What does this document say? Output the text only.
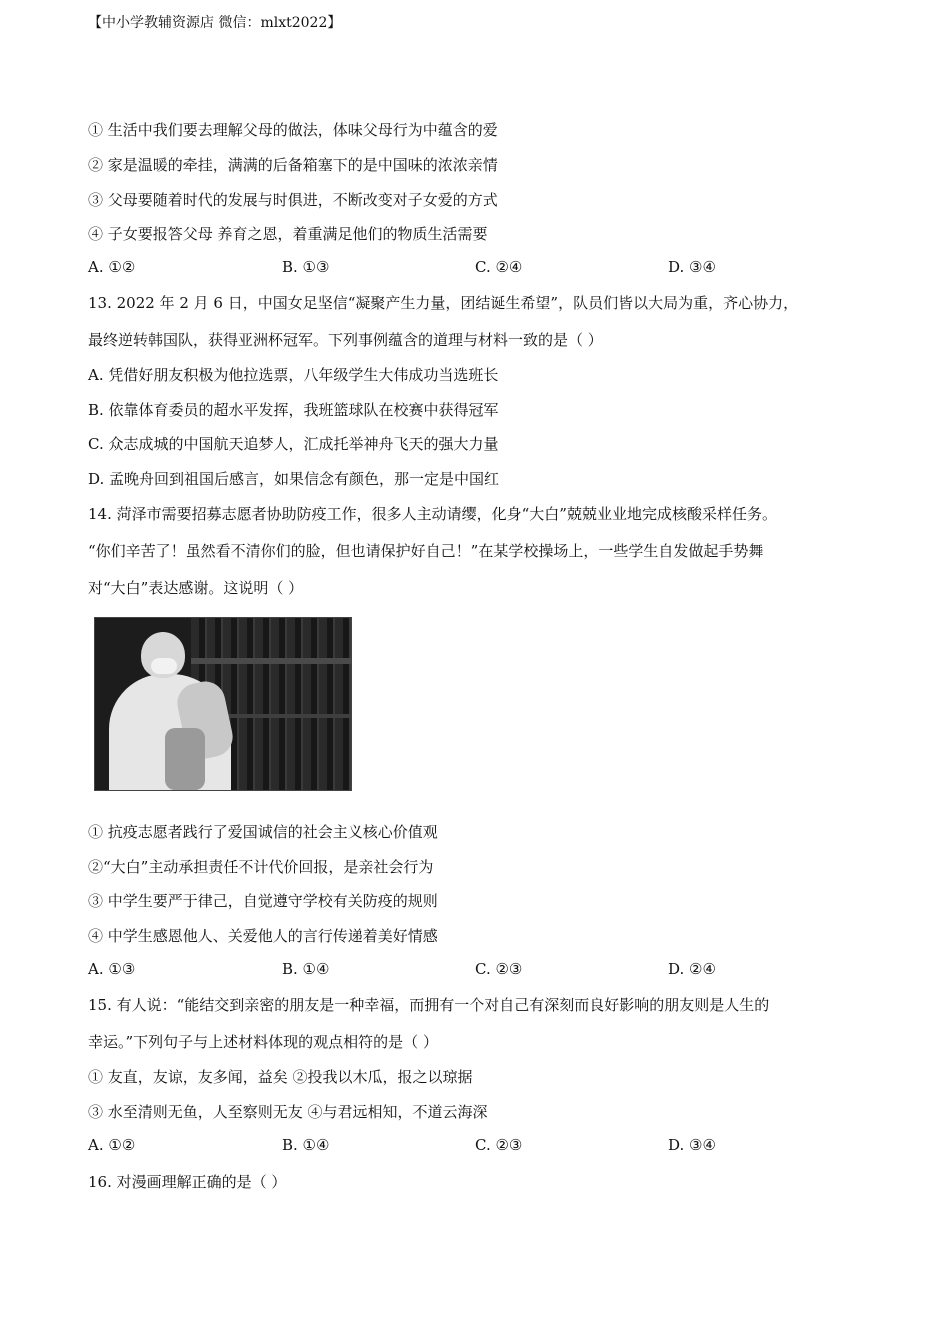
【中小学教辅资源店 微信：mlxt2022】
① 生活中我们要去理解父母的做法，体味父母行为中蕴含的爱
② 家是温暖的牵挂，满满的后备箱塞下的是中国味的浓浓亲情
③ 父母要随着时代的发展与时俱进，不断改变对子女爱的方式
④ 子女要报答父母 养育之恩，着重满足他们的物质生活需要
A. ①②	B. ①③	C. ②④	D. ③④
13. 2022 年 2 月 6 日，中国女足坚信“凝聚产生力量，团结诞生希望”，队员们皆以大局为重，齐心协力，
最终逆转韩国队，获得亚洲杯冠军。下列事例蕴含的道理与材料一致的是（ ）
A. 凭借好朋友积极为他拉选票，八年级学生大伟成功当选班长
B. 依靠体育委员的超水平发挥，我班篮球队在校赛中获得冠军
C. 众志成城的中国航天追梦人，汇成托举神舟飞天的强大力量
D. 孟晚舟回到祖国后感言，如果信念有颜色，那一定是中国红
14. 菏泽市需要招募志愿者协助防疫工作，很多人主动请缨，化身“大白”兢兢业业地完成核酸采样任务。
“你们辛苦了！虽然看不清你们的脸，但也请保护好自己！”在某学校操场上，一些学生自发做起手势舞
对“大白”表达感谢。这说明（ ）
① 抗疫志愿者践行了爱国诚信的社会主义核心价值观
②“大白”主动承担责任不计代价回报，是亲社会行为
③ 中学生要严于律己，自觉遵守学校有关防疫的规则
④ 中学生感恩他人、关爱他人的言行传递着美好情感
A. ①③	B. ①④	C. ②③	D. ②④
15. 有人说：“能结交到亲密的朋友是一种幸福，而拥有一个对自己有深刻而良好影响的朋友则是人生的
幸运。”下列句子与上述材料体现的观点相符的是（ ）
① 友直，友谅，友多闻，益矣 ②投我以木瓜，报之以琼据
③ 水至清则无鱼，人至察则无友 ④与君远相知，不道云海深
A. ①②	B. ①④	C. ②③	D. ③④
16. 对漫画理解正确的是（ ）
